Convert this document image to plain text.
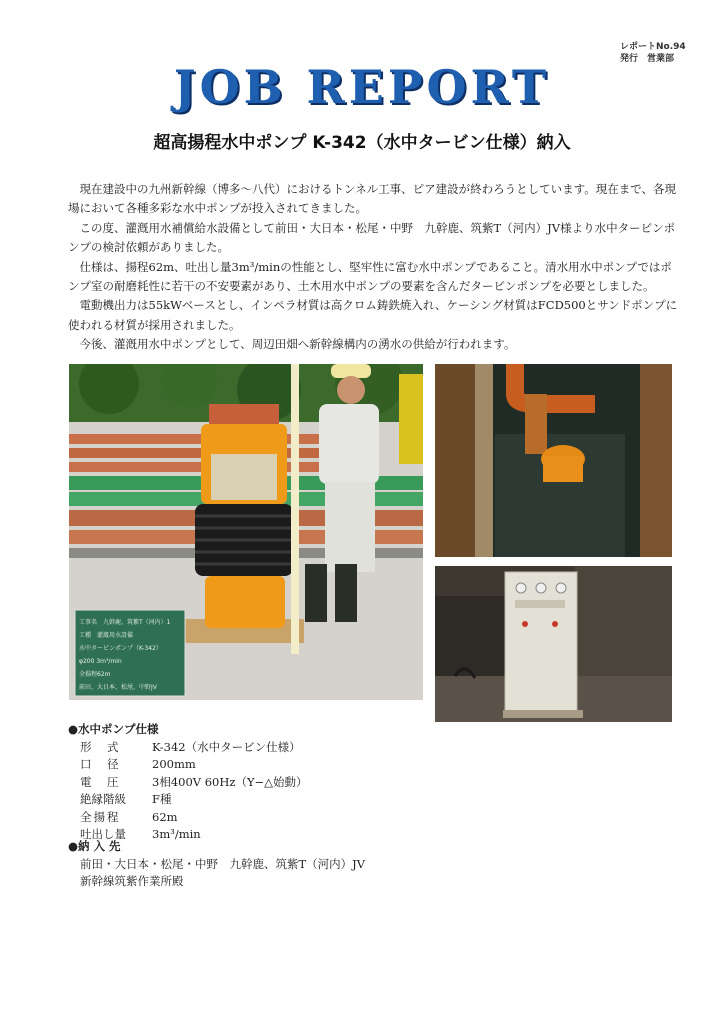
レポートNo.94
発行　営業部
JOB REPORT
超高揚程水中ポンプ K-342（水中タービン仕様）納入

現在建設中の九州新幹線（博多〜八代）におけるトンネル工事、ピア建設が終わろうとしています。現在まで、各現場において各種多彩な水中ポンプが投入されてきました。

この度、灌漑用水補償給水設備として前田・大日本・松尾・中野　九幹鹿、筑紫T（河内）JV様より水中タービンポンプの検討依頼がありました。

仕様は、揚程62m、吐出し量3m³/minの性能とし、堅牢性に富む水中ポンプであること。清水用水中ポンプではポンプ室の耐磨耗性に若干の不安要素があり、土木用水中ポンプの要素を含んだタービンポンプを必要としました。

電動機出力は55kWベースとし、インペラ材質は高クロム鋳鉄焼入れ、ケーシング材質はFCD500とサンドポンプに使われる材質が採用されました。

今後、灌漑用水中ポンプとして、周辺田畑へ新幹線構内の湧水の供給が行われます。

工事名　九幹鹿、筑紫T（河内）1
工種　灌漑用水設備
水中タービンポンプ（K-342）
φ200 3m³/min
全揚程62m
前田、大日本、松尾、中野JV
●水中ポンプ仕様
形　式	K-342（水中タービン仕様）
口　径	200mm
電　圧	3相400V 60Hz（Y−△始動）
絶縁階級	F種
全揚程	62m
吐出し量	3m³/min
●納 入 先
前田・大日本・松尾・中野　九幹鹿、筑紫T（河内）JV
新幹線筑紫作業所殿
